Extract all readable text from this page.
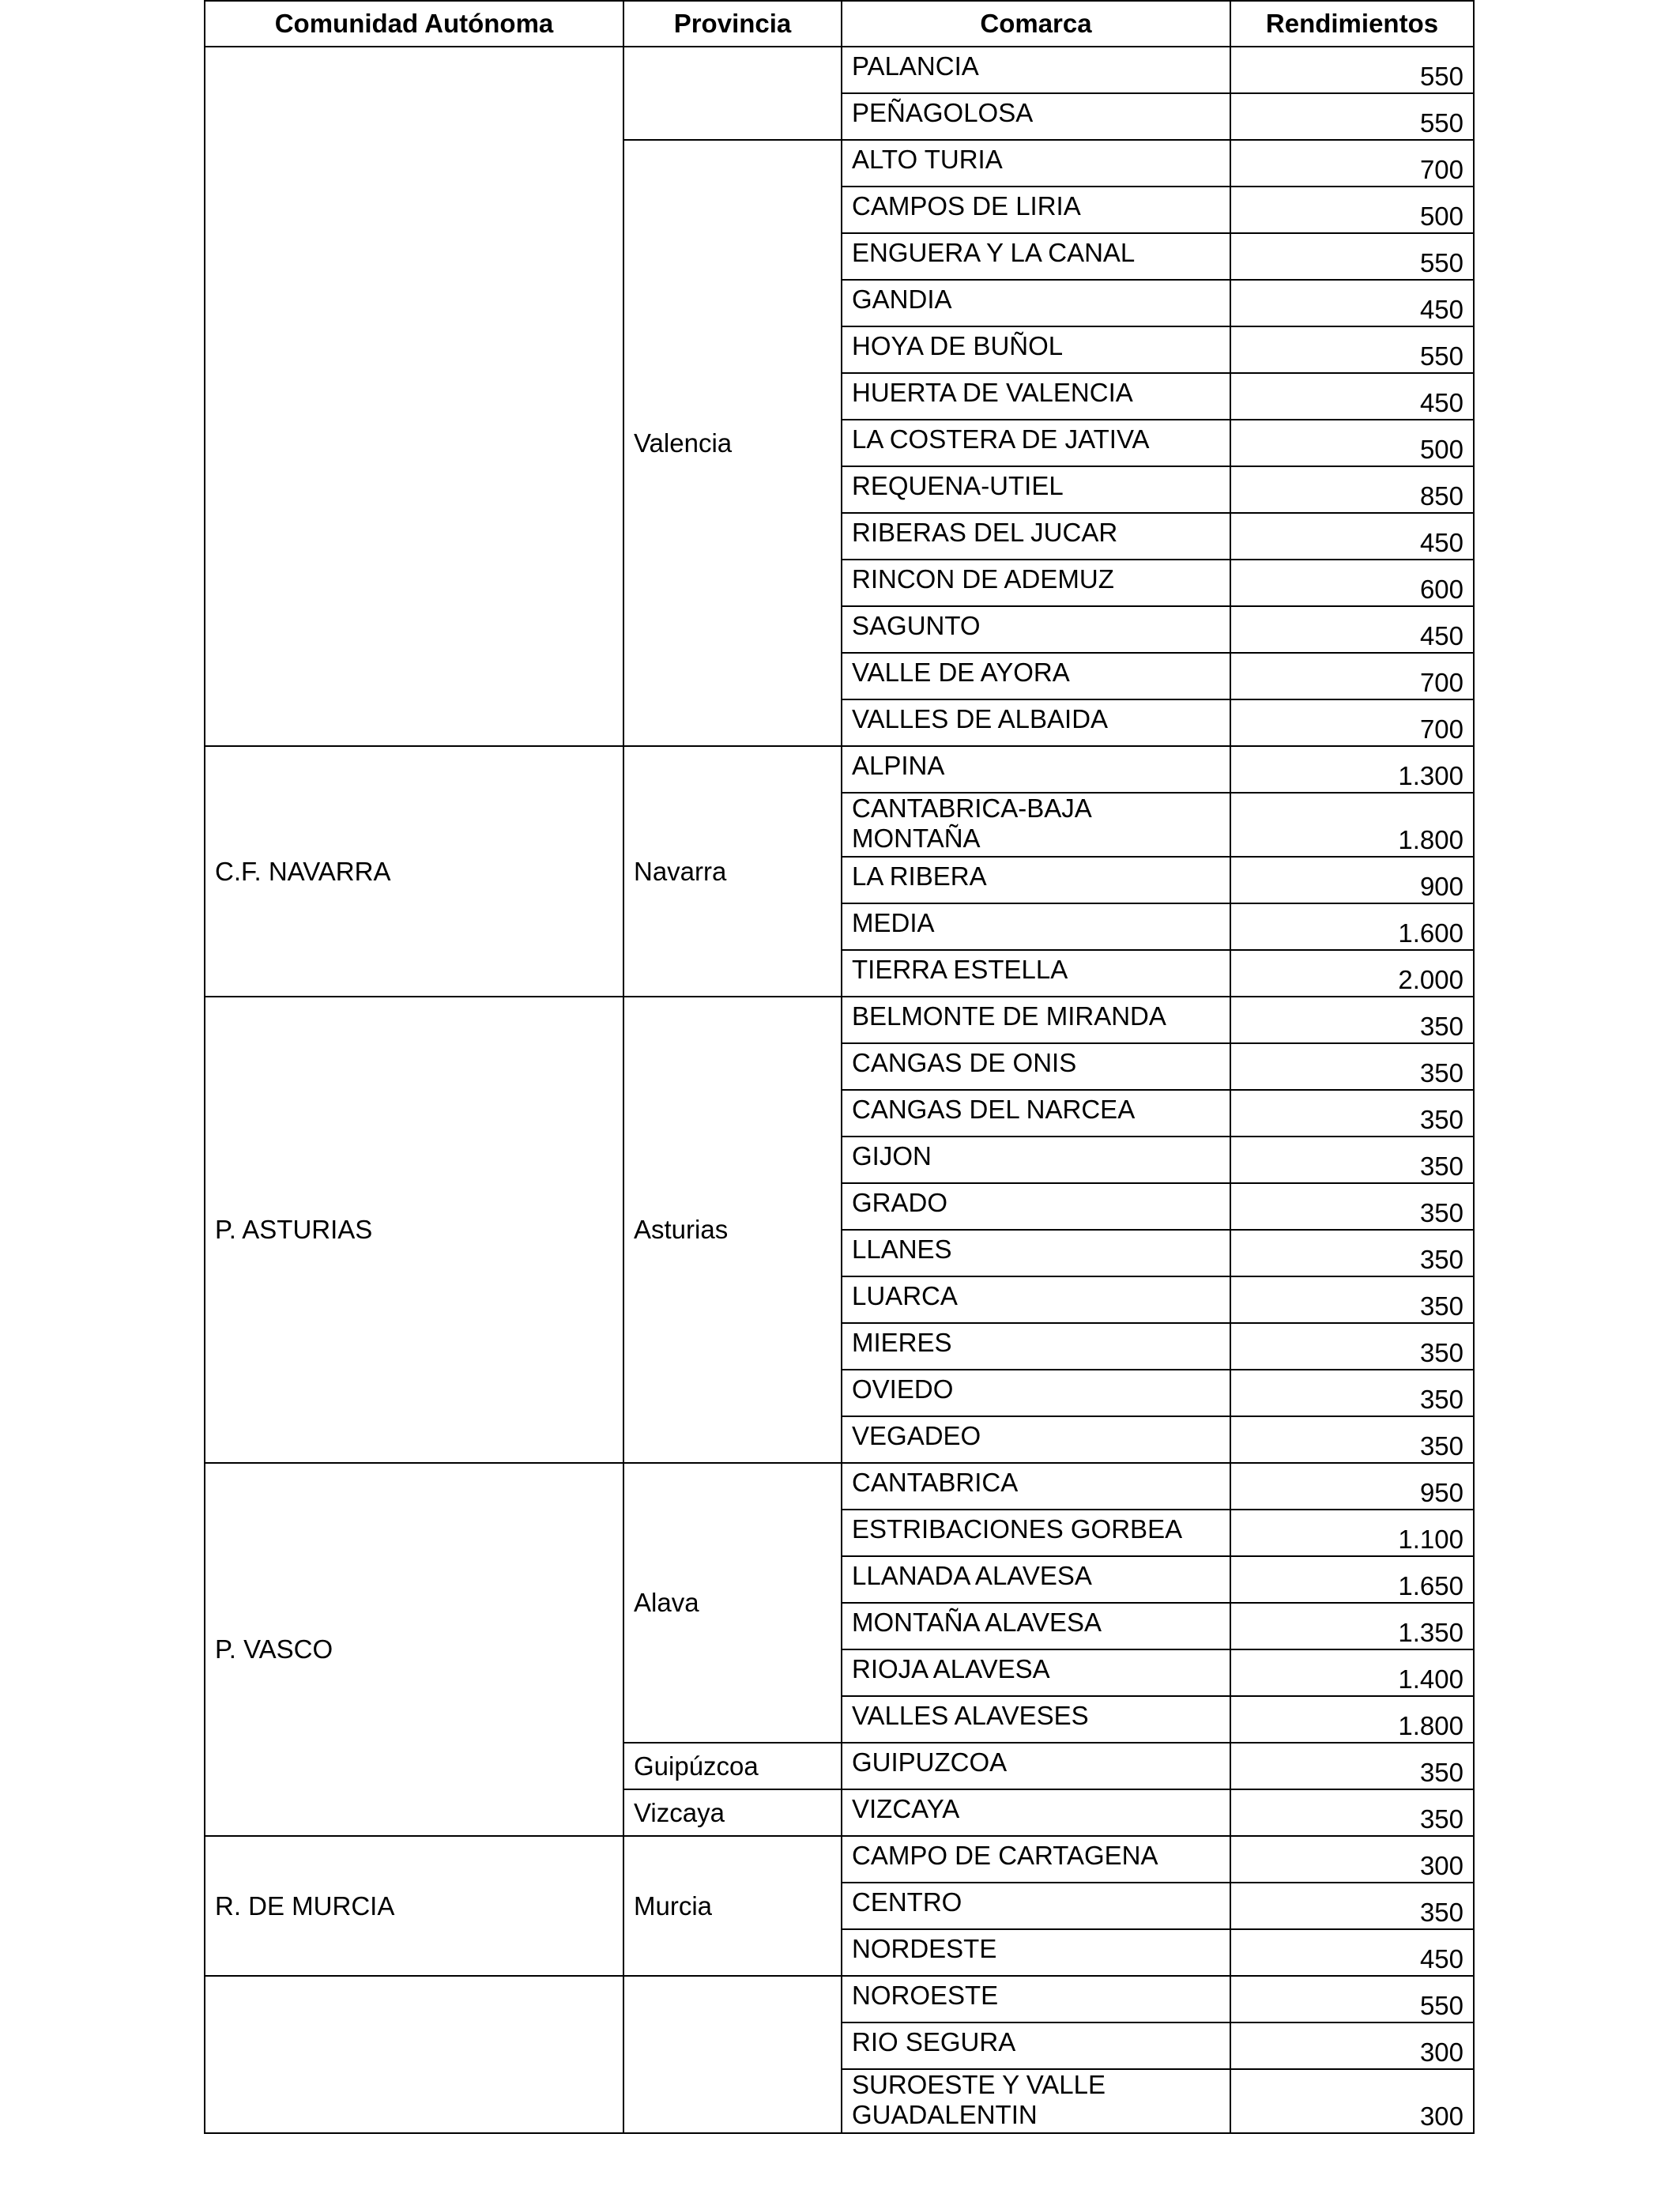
Comunidad Autónoma	Provincia	Comarca	Rendimientos
		PALANCIA	550
		PEÑAGOLOSA	550
	Valencia	ALTO TURIA	700
		CAMPOS DE LIRIA	500
		ENGUERA Y LA CANAL	550
		GANDIA	450
		HOYA DE BUÑOL	550
		HUERTA DE VALENCIA	450
		LA COSTERA DE JATIVA	500
		REQUENA-UTIEL	850
		RIBERAS DEL JUCAR	450
		RINCON DE ADEMUZ	600
		SAGUNTO	450
		VALLE DE AYORA	700
		VALLES DE ALBAIDA	700
C.F. NAVARRA	Navarra	ALPINA	1.300
		CANTABRICA-BAJA MONTAÑA	1.800
		LA RIBERA	900
		MEDIA	1.600
		TIERRA ESTELLA	2.000
P. ASTURIAS	Asturias	BELMONTE DE MIRANDA	350
		CANGAS DE ONIS	350
		CANGAS DEL NARCEA	350
		GIJON	350
		GRADO	350
		LLANES	350
		LUARCA	350
		MIERES	350
		OVIEDO	350
		VEGADEO	350
P. VASCO	Alava	CANTABRICA	950
		ESTRIBACIONES GORBEA	1.100
		LLANADA ALAVESA	1.650
		MONTAÑA ALAVESA	1.350
		RIOJA ALAVESA	1.400
		VALLES ALAVESES	1.800
	Guipúzcoa	GUIPUZCOA	350
	Vizcaya	VIZCAYA	350
R. DE MURCIA	Murcia	CAMPO DE CARTAGENA	300
		CENTRO	350
		NORDESTE	450
		NOROESTE	550
		RIO SEGURA	300
		SUROESTE Y VALLE GUADALENTIN	300
